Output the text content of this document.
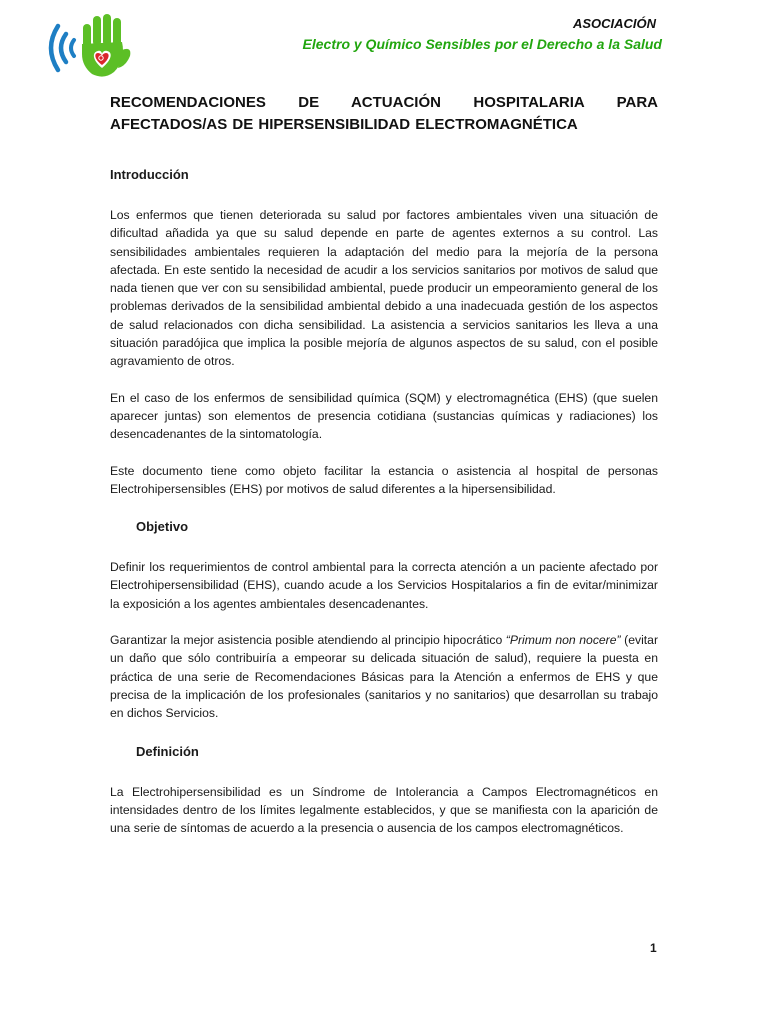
ASOCIACIÓN
Electro y Químico Sensibles por el Derecho a la Salud
RECOMENDACIONES DE ACTUACIÓN HOSPITALARIA PARA AFECTADOS/AS DE HIPERSENSIBILIDAD ELECTROMAGNÉTICA
Introducción

Los enfermos que tienen deteriorada su salud por factores ambientales viven una situación de dificultad añadida ya que su salud depende en parte de agentes externos a su control. Las sensibilidades ambientales requieren la adaptación del medio para la mejoría de la persona afectada. En este sentido la necesidad de acudir a los servicios sanitarios por motivos de salud que nada tienen que ver con su sensibilidad ambiental, puede producir un empeoramiento general de los problemas derivados de la sensibilidad ambiental debido a una inadecuada gestión de los aspectos de salud relacionados con dicha sensibilidad. La asistencia a servicios sanitarios les lleva a una situación paradójica que implica la posible mejoría de algunos aspectos de su salud, con el posible agravamiento de otros.

En el caso de los enfermos de sensibilidad química (SQM) y electromagnética (EHS) (que suelen aparecer juntas) son elementos de presencia cotidiana (sustancias químicas y radiaciones) los desencadenantes de la sintomatología.

Este documento tiene como objeto facilitar la estancia o asistencia al hospital de personas Electrohipersensibles (EHS) por motivos de salud diferentes a la hipersensibilidad.

Objetivo

Definir los requerimientos de control ambiental para la correcta atención a un paciente afectado por Electrohipersensibilidad (EHS), cuando acude a los Servicios Hospitalarios a fin de evitar/minimizar la exposición a los agentes ambientales desencadenantes.

Garantizar la mejor asistencia posible atendiendo al principio hipocrático “Primum non nocere” (evitar un daño que sólo contribuiría a empeorar su delicada situación de salud), requiere la puesta en práctica de una serie de Recomendaciones Básicas para la Atención a enfermos de EHS y que precisa de la implicación de los profesionales (sanitarios y no sanitarios) que desarrollan su trabajo en dichos Servicios.

Definición

La Electrohipersensibilidad es un Síndrome de Intolerancia a Campos Electromagnéticos en intensidades dentro de los límites legalmente establecidos, y que se manifiesta con la aparición de una serie de síntomas de acuerdo a la presencia o ausencia de los campos electromagnéticos.

1
